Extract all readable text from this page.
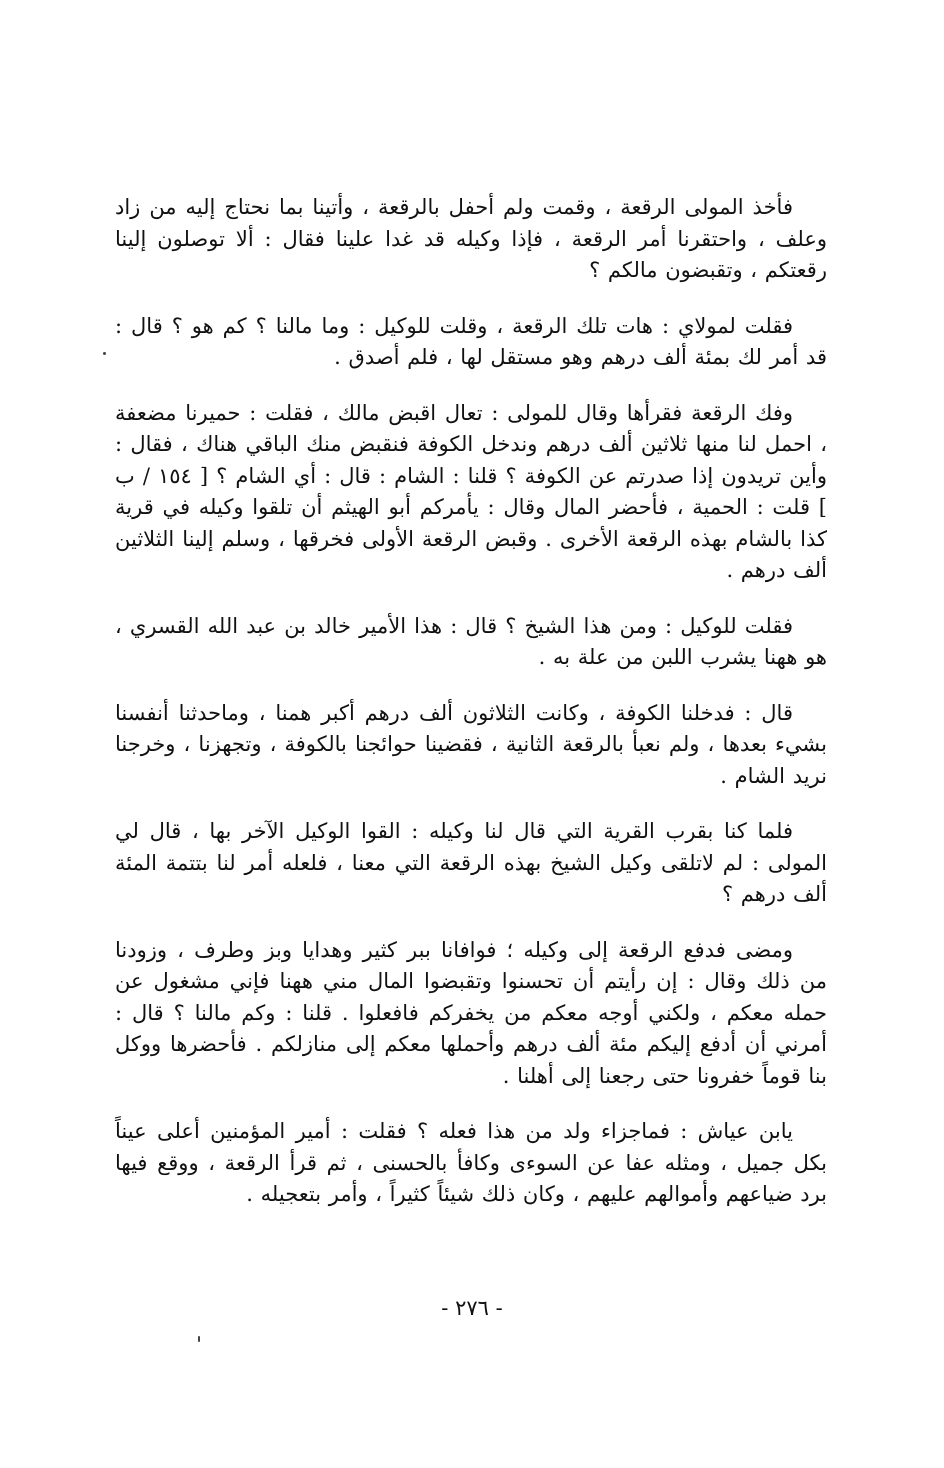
فأخذ المولى الرقعة ، وقمت ولم أحفل بالرقعة ، وأتينا بما نحتاج إليه من زاد وعلف ، واحتقرنا أمر الرقعة ، فإذا وكيله قد غدا علينا فقال : ألا توصلون إلينا رقعتكم ، وتقبضون مالكم ؟

فقلت لمولاي : هات تلك الرقعة ، وقلت للوكيل : وما مالنا ؟ كم هو ؟ قال : قد أمر لك بمئة ألف درهم وهو مستقل لها ، فلم أصدق .

وفك الرقعة فقرأها وقال للمولى : تعال اقبض مالك ، فقلت : حميرنا مضعفة ، احمل لنا منها ثلاثين ألف درهم وندخل الكوفة فنقبض منك الباقي هناك ، فقال : وأين تريدون إذا صدرتم عن الكوفة ؟ قلنا : الشام : قال : أي الشام ؟ [ ١٥٤ / ب ] قلت : الحمية ، فأحضر المال وقال : يأمركم أبو الهيثم أن تلقوا وكيله في قرية كذا بالشام بهذه الرقعة الأخرى . وقبض الرقعة الأولى فخرقها ، وسلم إلينا الثلاثين ألف درهم .

فقلت للوكيل : ومن هذا الشيخ ؟ قال : هذا الأمير خالد بن عبد الله القسري ، هو ههنا يشرب اللبن من علة به .

قال : فدخلنا الكوفة ، وكانت الثلاثون ألف درهم أكبر همنا ، وماحدثنا أنفسنا بشيء بعدها ، ولم نعبأ بالرقعة الثانية ، فقضينا حوائجنا بالكوفة ، وتجهزنا ، وخرجنا نريد الشام .

فلما كنا بقرب القرية التي قال لنا وكيله : القوا الوكيل الآخر بها ، قال لي المولى : لم لاتلقى وكيل الشيخ بهذه الرقعة التي معنا ، فلعله أمر لنا بتتمة المئة ألف درهم ؟

ومضى فدفع الرقعة إلى وكيله ؛ فوافانا ببر كثير وهدايا وبز وطرف ، وزودنا من ذلك وقال : إن رأيتم أن تحسنوا وتقبضوا المال مني ههنا فإني مشغول عن حمله معكم ، ولكني أوجه معكم من يخفركم فافعلوا . قلنا : وكم مالنا ؟ قال : أمرني أن أدفع إليكم مئة ألف درهم وأحملها معكم إلى منازلكم . فأحضرها ووكل بنا قوماً خفرونا حتى رجعنا إلى أهلنا .

يابن عياش : فماجزاء ولد من هذا فعله ؟ فقلت : أمير المؤمنين أعلى عيناً بكل جميل ، ومثله عفا عن السوءى وكافأ بالحسنى ، ثم قرأ الرقعة ، ووقع فيها برد ضياعهم وأموالهم عليهم ، وكان ذلك شيئاً كثيراً ، وأمر بتعجيله .

- ٢٧٦ -
